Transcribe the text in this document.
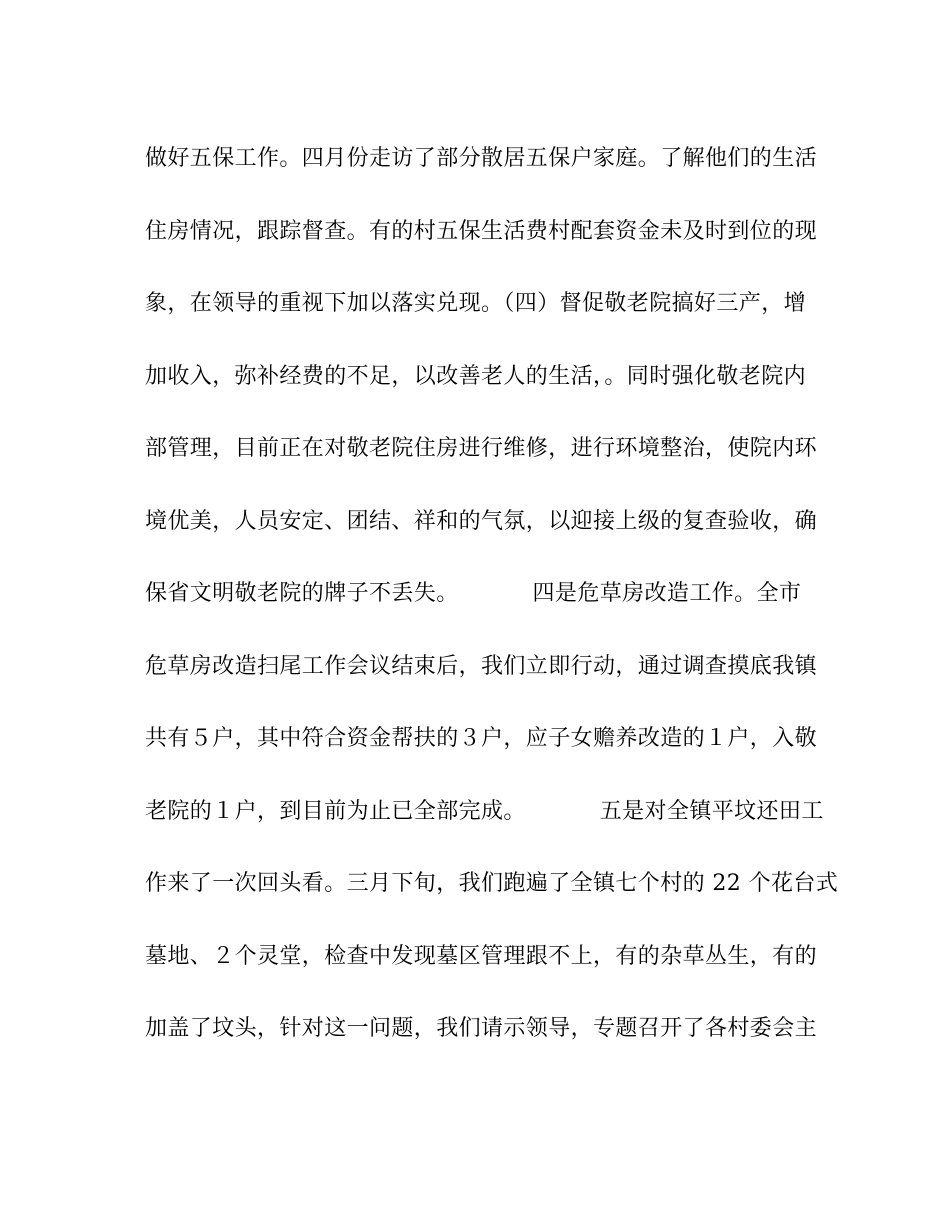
做好五保工作。四月份走访了部分散居五保户家庭。了解他们的生活
住房情况，跟踪督查。有的村五保生活费村配套资金未及时到位的现
象，在领导的重视下加以落实兑现。（四）督促敬老院搞好三产，增
加收入，弥补经费的不足，以改善老人的生活，。同时强化敬老院内
部管理，目前正在对敬老院住房进行维修，进行环境整治，使院内环
境优美，人员安定、团结、祥和的气氛，以迎接上级的复查验收，确
保省文明敬老院的牌子不丢失。          四是危草房改造工作。全市
危草房改造扫尾工作会议结束后，我们立即行动，通过调查摸底我镇
共有５户，其中符合资金帮扶的３户，应子女赡养改造的１户，入敬
老院的１户，到目前为止已全部完成。          五是对全镇平坟还田工
作来了一次回头看。三月下旬，我们跑遍了全镇七个村的 22 个花台式
墓地、２个灵堂，检查中发现墓区管理跟不上，有的杂草丛生，有的
加盖了坟头，针对这一问题，我们请示领导，专题召开了各村委会主
